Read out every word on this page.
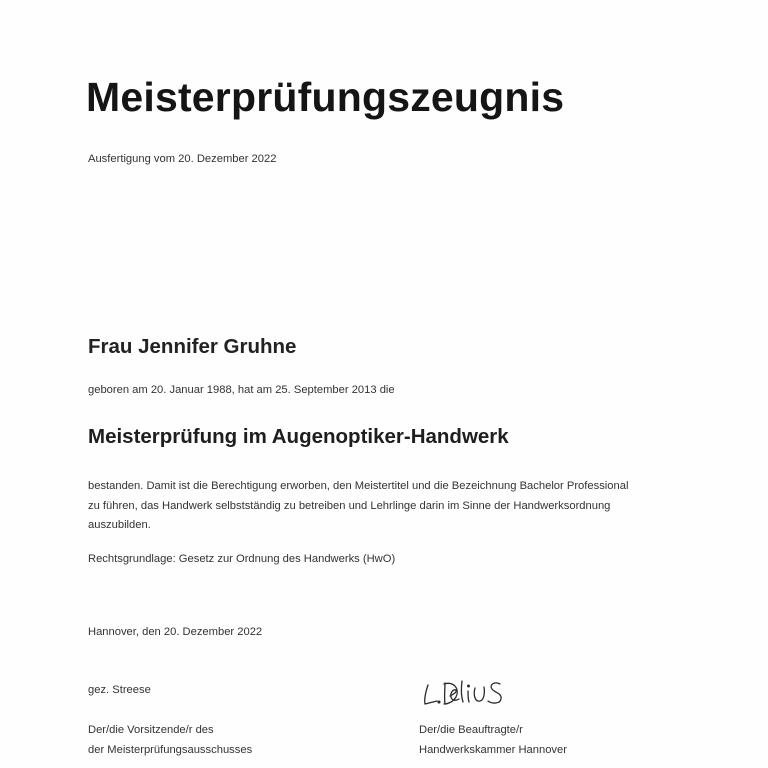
Meisterprüfungszeugnis
Ausfertigung vom 20. Dezember 2022
Frau Jennifer Gruhne
geboren am 20. Januar 1988, hat am 25. September 2013 die
Meisterprüfung im Augenoptiker-Handwerk

bestanden. Damit ist die Berechtigung erworben, den Meistertitel und die Bezeichnung Bachelor Professional

zu führen, das Handwerk selbstständig zu betreiben und Lehrlinge darin im Sinne der Handwerksordnung

auszubilden.

Rechtsgrundlage: Gesetz zur Ordnung des Handwerks (HwO)
Hannover, den 20. Dezember 2022
gez. Streese
Der/die Vorsitzende/r des
der Meisterprüfungsausschusses
Der/die Beauftragte/r
Handwerkskammer Hannover
